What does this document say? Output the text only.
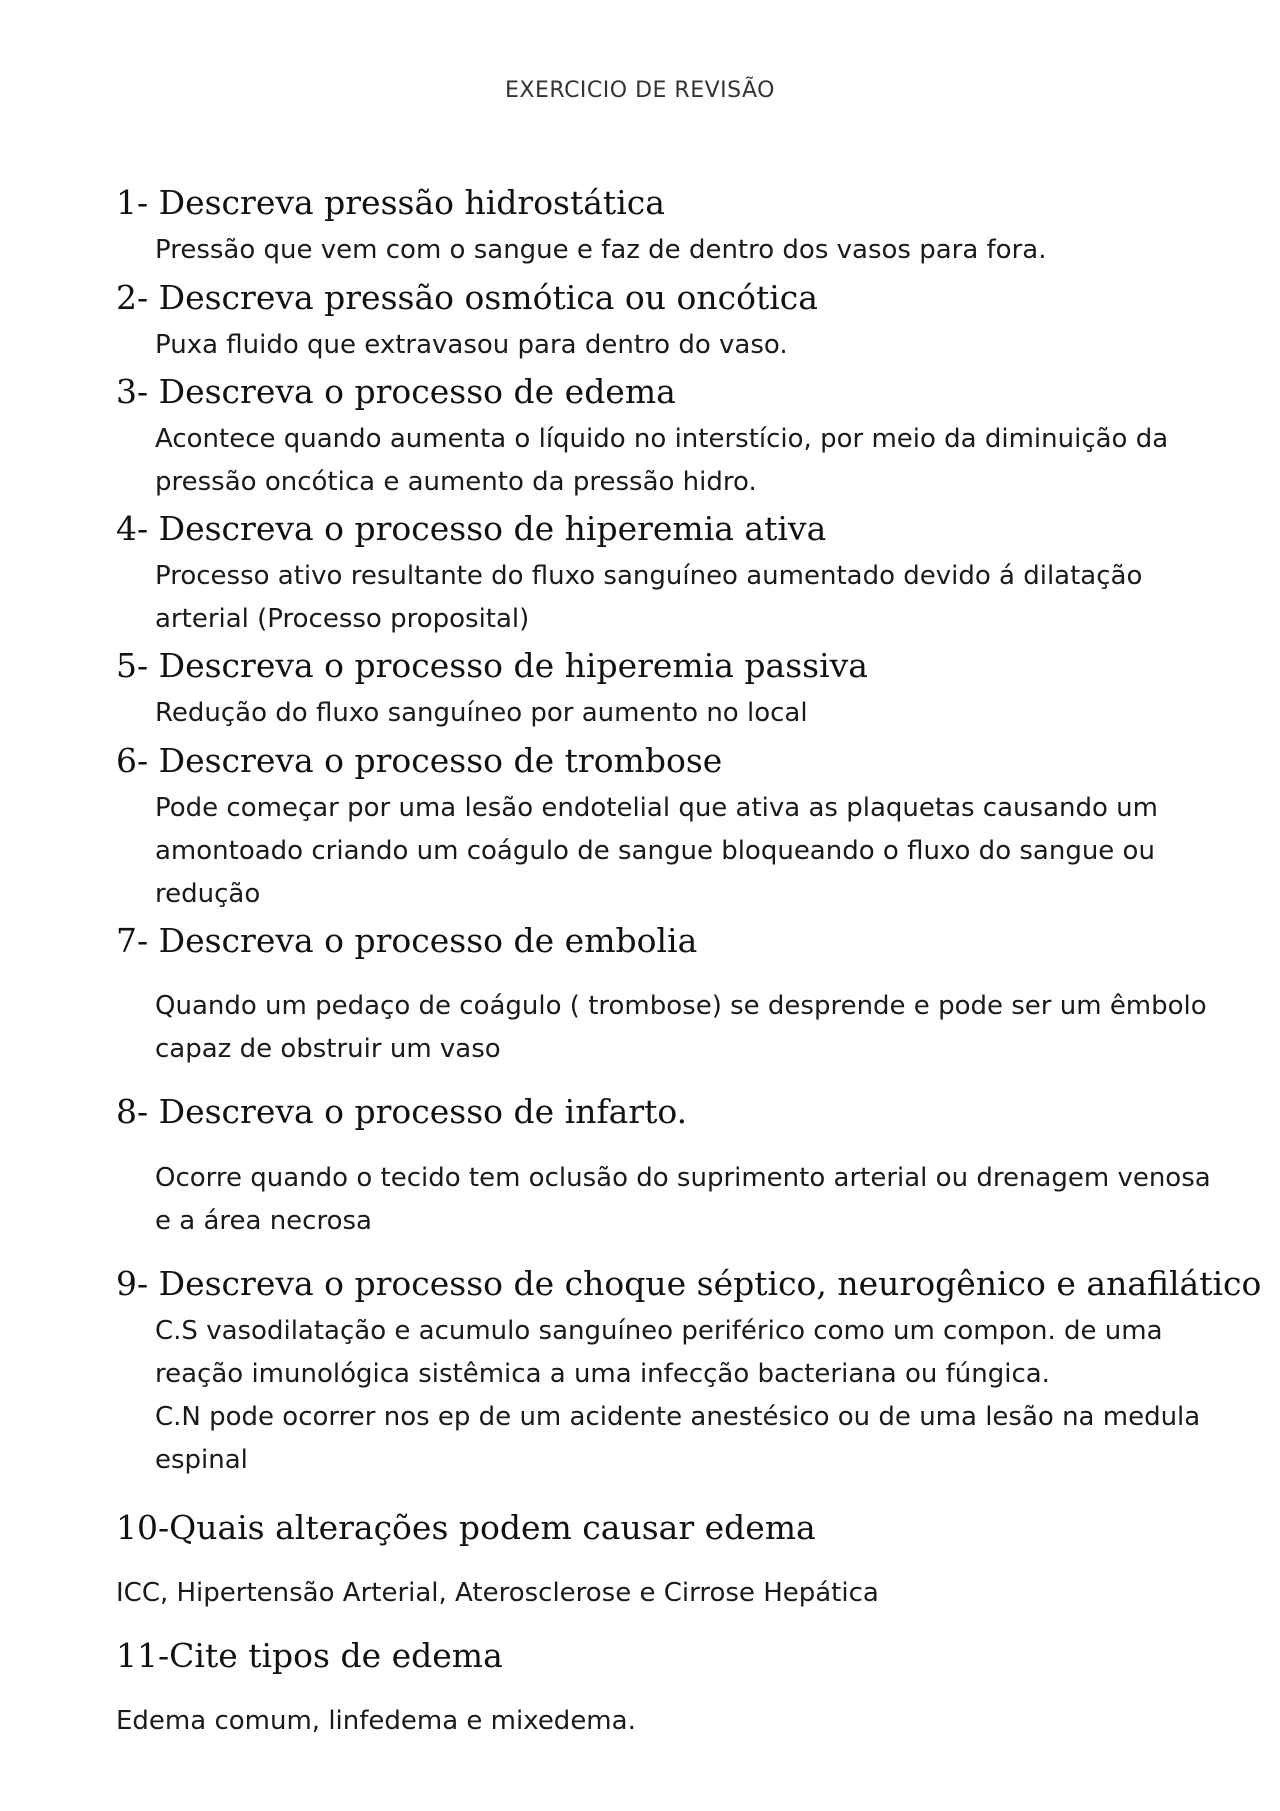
EXERCICIO DE REVISÃO
1- Descreva pressão hidrostática
Pressão que vem com o sangue e faz de dentro dos vasos para fora.
2- Descreva pressão osmótica ou oncótica
Puxa fluido que extravasou para dentro do vaso.
3- Descreva o processo de edema
Acontece quando aumenta o líquido no interstício, por meio da diminuição da
pressão oncótica e aumento da pressão hidro.
4- Descreva o processo de hiperemia ativa
Processo ativo resultante do fluxo sanguíneo aumentado devido á dilatação
arterial (Processo proposital)
5- Descreva o processo de hiperemia passiva
Redução do fluxo sanguíneo por aumento no local
6- Descreva o processo de trombose
Pode começar por uma lesão endotelial que ativa as plaquetas causando um
amontoado criando um coágulo de sangue bloqueando o fluxo do sangue ou
redução
7- Descreva o processo de embolia
Quando um pedaço de coágulo ( trombose) se desprende e pode ser um êmbolo
capaz de obstruir um vaso
8- Descreva o processo de infarto.
Ocorre quando o tecido tem oclusão do suprimento arterial ou drenagem venosa
e a área necrosa
9- Descreva o processo de choque séptico, neurogênico e anafilático
C.S vasodilatação e acumulo sanguíneo periférico como um compon. de uma
reação imunológica sistêmica a uma infecção bacteriana ou fúngica.
C.N pode ocorrer nos ep de um acidente anestésico ou de uma lesão na medula
espinal
10-Quais alterações podem causar edema
ICC, Hipertensão Arterial, Aterosclerose e Cirrose Hepática
11-Cite tipos de edema
Edema comum, linfedema e mixedema.
